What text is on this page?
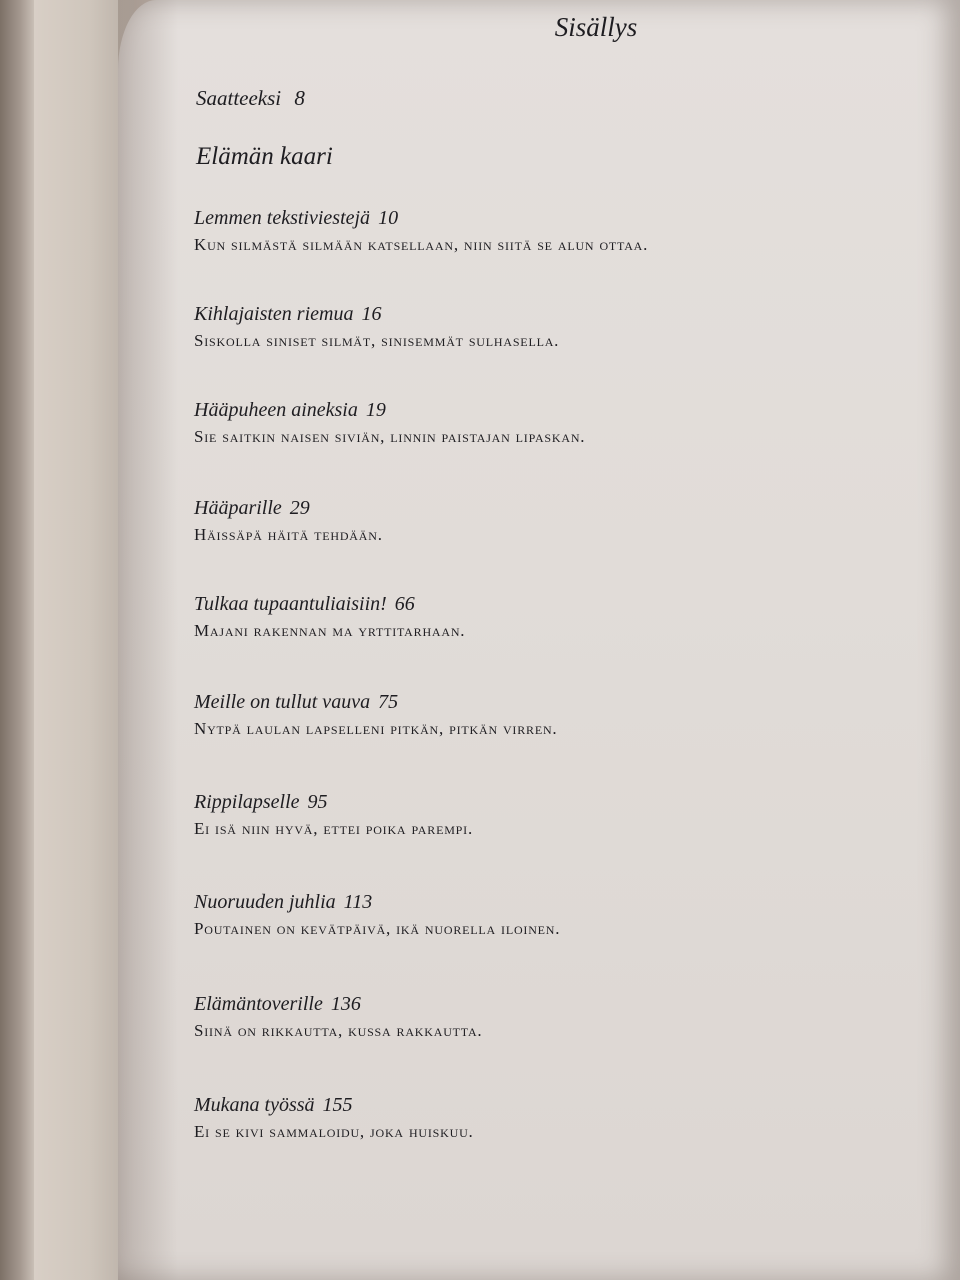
Sisällys
Saatteeksi 8
Elämän kaari
Lemmen tekstiviestejä 10
Kun silmästä silmään katsellaan, niin siitä se alun ottaa.
Kihlajaisten riemua 16
Siskolla siniset silmät, sinisemmät sulhasella.
Hääpuheen aineksia 19
Sie saitkin naisen siviän, linnin paistajan lipaskan.
Hääparille 29
Häissäpä häitä tehdään.
Tulkaa tupaantuliaisiin! 66
Majani rakennan ma yrttitarhaan.
Meille on tullut vauva 75
Nytpä laulan lapselleni pitkän, pitkän virren.
Rippilapselle 95
Ei isä niin hyvä, ettei poika parempi.
Nuoruuden juhlia 113
Poutainen on kevätpäivä, ikä nuorella iloinen.
Elämäntoverille 136
Siinä on rikkautta, kussa rakkautta.
Mukana työssä 155
Ei se kivi sammaloidu, joka huiskuu.
